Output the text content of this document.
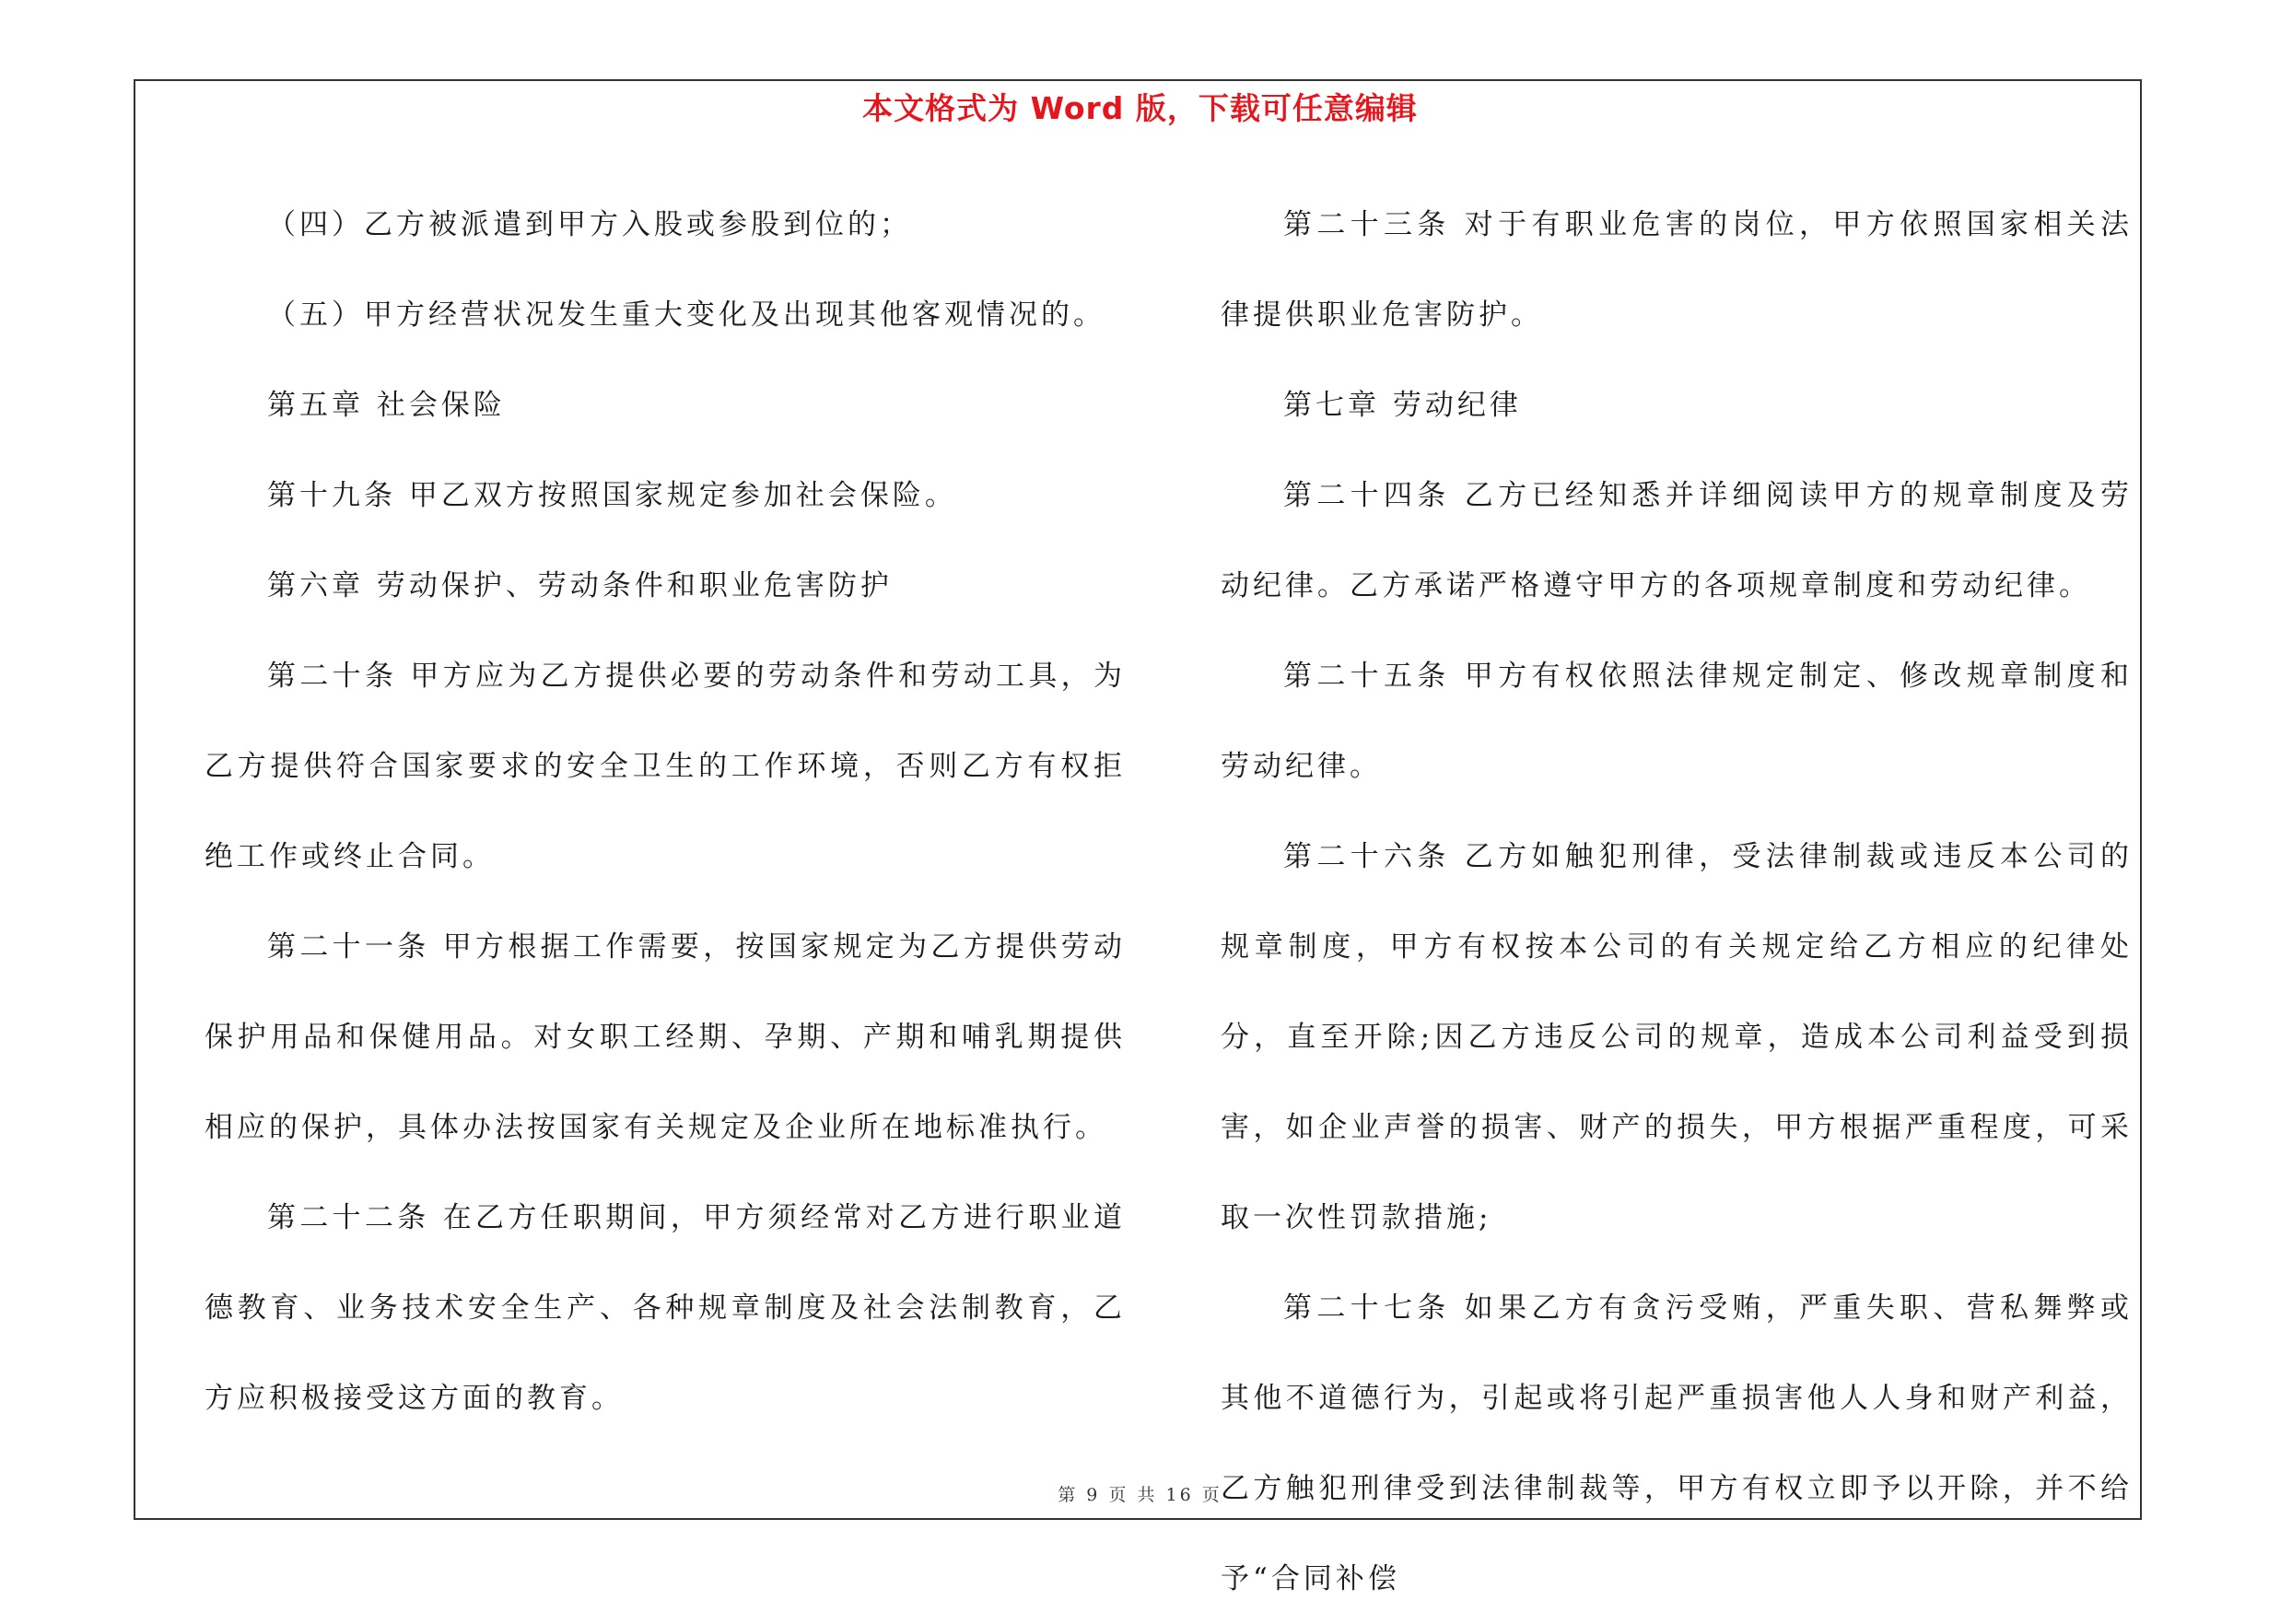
本文格式为 Word 版，下载可任意编辑

（四）乙方被派遣到甲方入股或参股到位的；

（五）甲方经营状况发生重大变化及出现其他客观情况的。

第五章 社会保险

第十九条 甲乙双方按照国家规定参加社会保险。

第六章 劳动保护、劳动条件和职业危害防护

第二十条 甲方应为乙方提供必要的劳动条件和劳动工具，为乙方提供符合国家要求的安全卫生的工作环境，否则乙方有权拒绝工作或终止合同。

第二十一条 甲方根据工作需要，按国家规定为乙方提供劳动保护用品和保健用品。对女职工经期、孕期、产期和哺乳期提供相应的保护，具体办法按国家有关规定及企业所在地标准执行。

第二十二条 在乙方任职期间，甲方须经常对乙方进行职业道德教育、业务技术安全生产、各种规章制度及社会法制教育，乙方应积极接受这方面的教育。

第二十三条 对于有职业危害的岗位，甲方依照国家相关法律提供职业危害防护。

第七章 劳动纪律

第二十四条 乙方已经知悉并详细阅读甲方的规章制度及劳动纪律。乙方承诺严格遵守甲方的各项规章制度和劳动纪律。

第二十五条 甲方有权依照法律规定制定、修改规章制度和劳动纪律。

第二十六条 乙方如触犯刑律，受法律制裁或违反本公司的规章制度，甲方有权按本公司的有关规定给乙方相应的纪律处分，直至开除;因乙方违反公司的规章，造成本公司利益受到损害，如企业声誉的损害、财产的损失，甲方根据严重程度，可采取一次性罚款措施;

第二十七条 如果乙方有贪污受贿，严重失职、营私舞弊或其他不道德行为，引起或将引起严重损害他人人身和财产利益，乙方触犯刑律受到法律制裁等，甲方有权立即予以开除，并不给予“合同补偿

第 9 页 共 16 页
